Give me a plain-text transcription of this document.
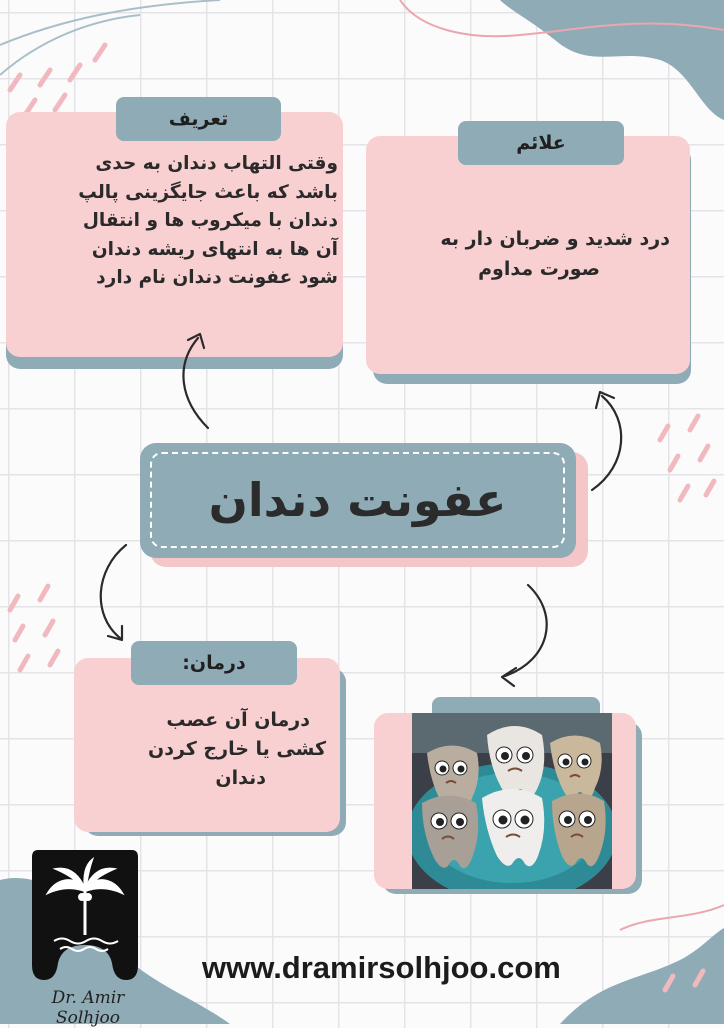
تعریف
وقتی التهاب دندان به حدی
باشد که باعث جایگزینی پالپ
دندان با میکروب ها و انتقال
آن ها به انتهای ریشه دندان
شود عفونت دندان نام دارد
علائم
درد شدید و ضربان دار به
صورت مداوم
عفونت دندان
درمان:
درمان آن عصب
کشی یا خارج کردن
دندان
Dr. Amir Solhjoo
www.dramirsolhjoo.com
